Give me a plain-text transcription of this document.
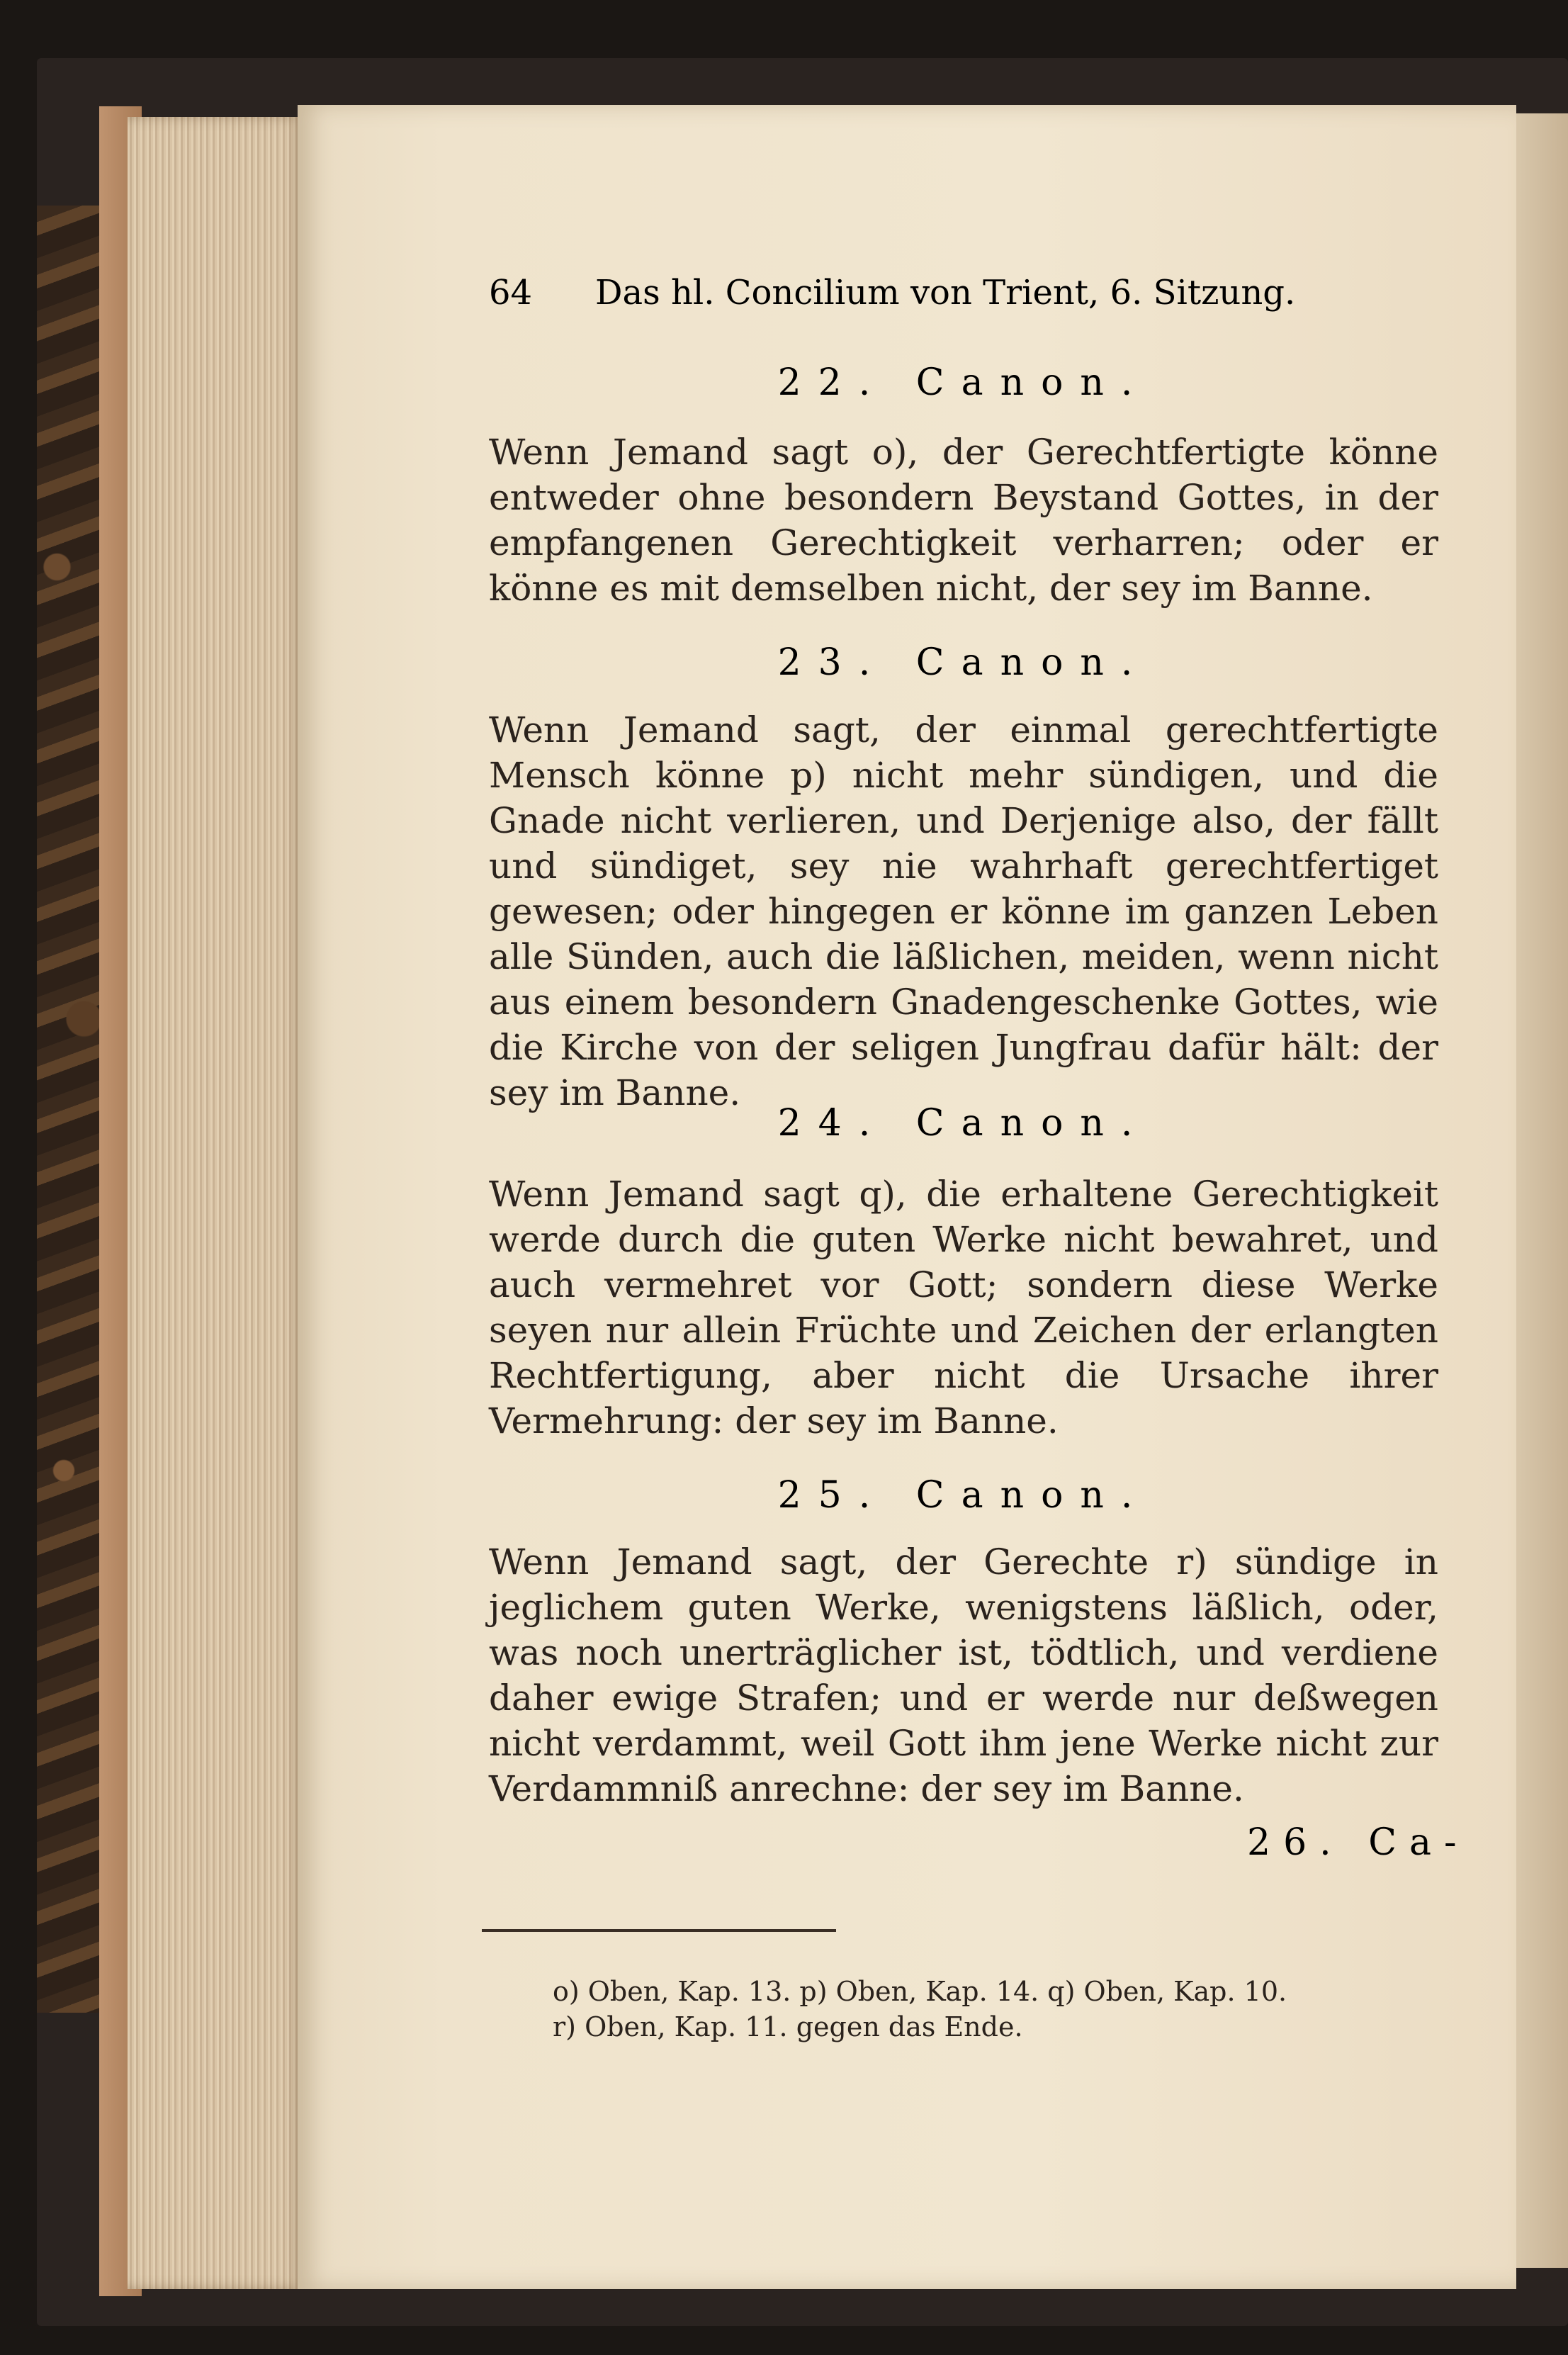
64 Das hl. Concilium von Trient, 6. Sitzung.
22. Canon.
Wenn Jemand sagt o), der Gerechtfertigte könne entweder ohne besondern Beystand Gottes, in der empfangenen Gerechtigkeit verharren; oder er könne es mit demselben nicht, der sey im Banne.
23. Canon.
Wenn Jemand sagt, der einmal gerechtfertigte Mensch könne p) nicht mehr sündigen, und die Gnade nicht verlieren, und Derjenige also, der fällt und sündiget, sey nie wahrhaft gerechtfertiget gewesen; oder hingegen er könne im ganzen Leben alle Sünden, auch die läßlichen, meiden, wenn nicht aus einem besondern Gnadengeschenke Gottes, wie die Kirche von der seligen Jungfrau dafür hält: der sey im Banne.
24. Canon.
Wenn Jemand sagt q), die erhaltene Gerechtigkeit werde durch die guten Werke nicht bewahret, und auch vermehret vor Gott; sondern diese Werke seyen nur allein Früchte und Zeichen der erlangten Rechtfertigung, aber nicht die Ursache ihrer Vermehrung: der sey im Banne.
25. Canon.
Wenn Jemand sagt, der Gerechte r) sündige in jeglichem guten Werke, wenigstens läßlich, oder, was noch unerträglicher ist, tödtlich, und verdiene daher ewige Strafen; und er werde nur deßwegen nicht verdammt, weil Gott ihm jene Werke nicht zur Verdammniß anrechne: der sey im Banne.
26. Ca-
o) Oben, Kap. 13. p) Oben, Kap. 14. q) Oben, Kap. 10.
r) Oben, Kap. 11. gegen das Ende.
